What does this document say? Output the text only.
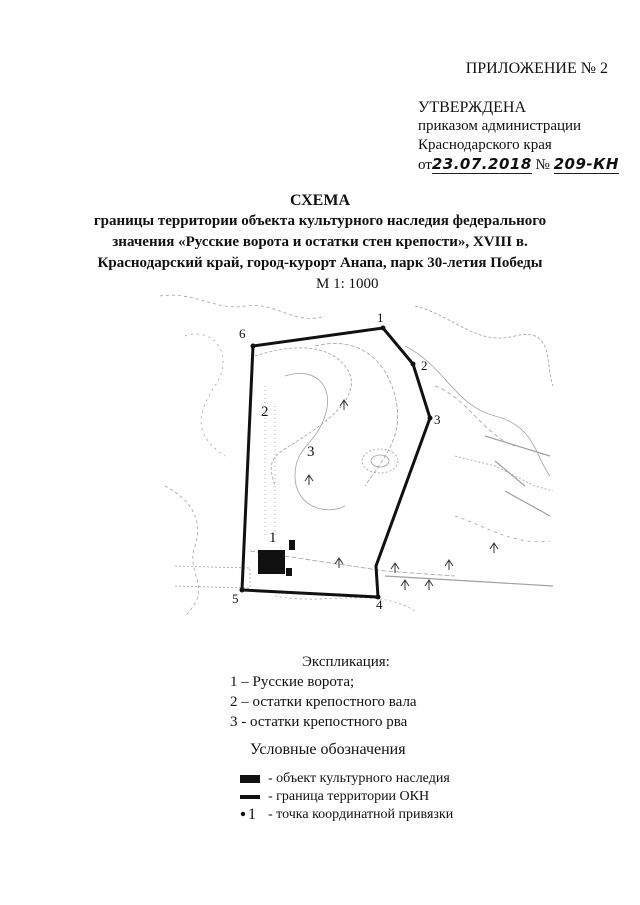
ПРИЛОЖЕНИЕ № 2
УТВЕРЖДЕНА
приказом администрации
Краснодарского края
от23.07.2018 № 209-КН
СХЕМА
границы территории объекта культурного наследия федерального
значения «Русские ворота и остатки стен крепости», XVIII в.
Краснодарский край, город-курорт Анапа, парк 30-летия Победы
М 1: 1000
1
2
3
4
5
6
1
2
3
Экспликация:
1 – Русские ворота;
2 – остатки крепостного вала
3 - остатки крепостного рва
Условные обозначения
- объект культурного наследия
- граница территории ОКН
1 - точка координатной привязки
